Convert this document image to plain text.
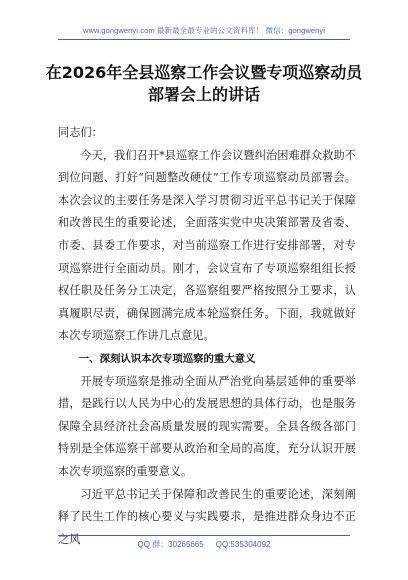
www.gongwenyi.com 最新最全最专业的公文资料库！ 微信：gongwenyi
在2026年全县巡察工作会议暨专项巡察动员部署会上的讲话

同志们：

今天，我们召开*县巡察工作会议暨纠治困难群众救助不到位问题、打好“问题整改硬仗”工作专项巡察动员部署会。本次会议的主要任务是深入学习贯彻习近平总书记关于保障和改善民生的重要论述，全面落实党中央决策部署及省委、市委、县委工作要求，对当前巡察工作进行安排部署，对专项巡察进行全面动员。刚才，会议宣布了专项巡察组组长授权任职及任务分工决定，各巡察组要严格按照分工要求，认真履职尽责，确保圆满完成本轮巡察任务。下面，我就做好本次专项巡察工作讲几点意见。

一、深刻认识本次专项巡察的重大意义

开展专项巡察是推动全面从严治党向基层延伸的重要举措，是践行以人民为中心的发展思想的具体行动，也是服务保障全县经济社会高质量发展的现实需要。全县各级各部门特别是全体巡察干部要从政治和全局的高度，充分认识开展本次专项巡察的重要意义。

习近平总书记关于保障和改善民生的重要论述，深刻阐释了民生工作的核心要义与实践要求，是推进群众身边不正之风	QQ 群：30265665 QQ:535304092
